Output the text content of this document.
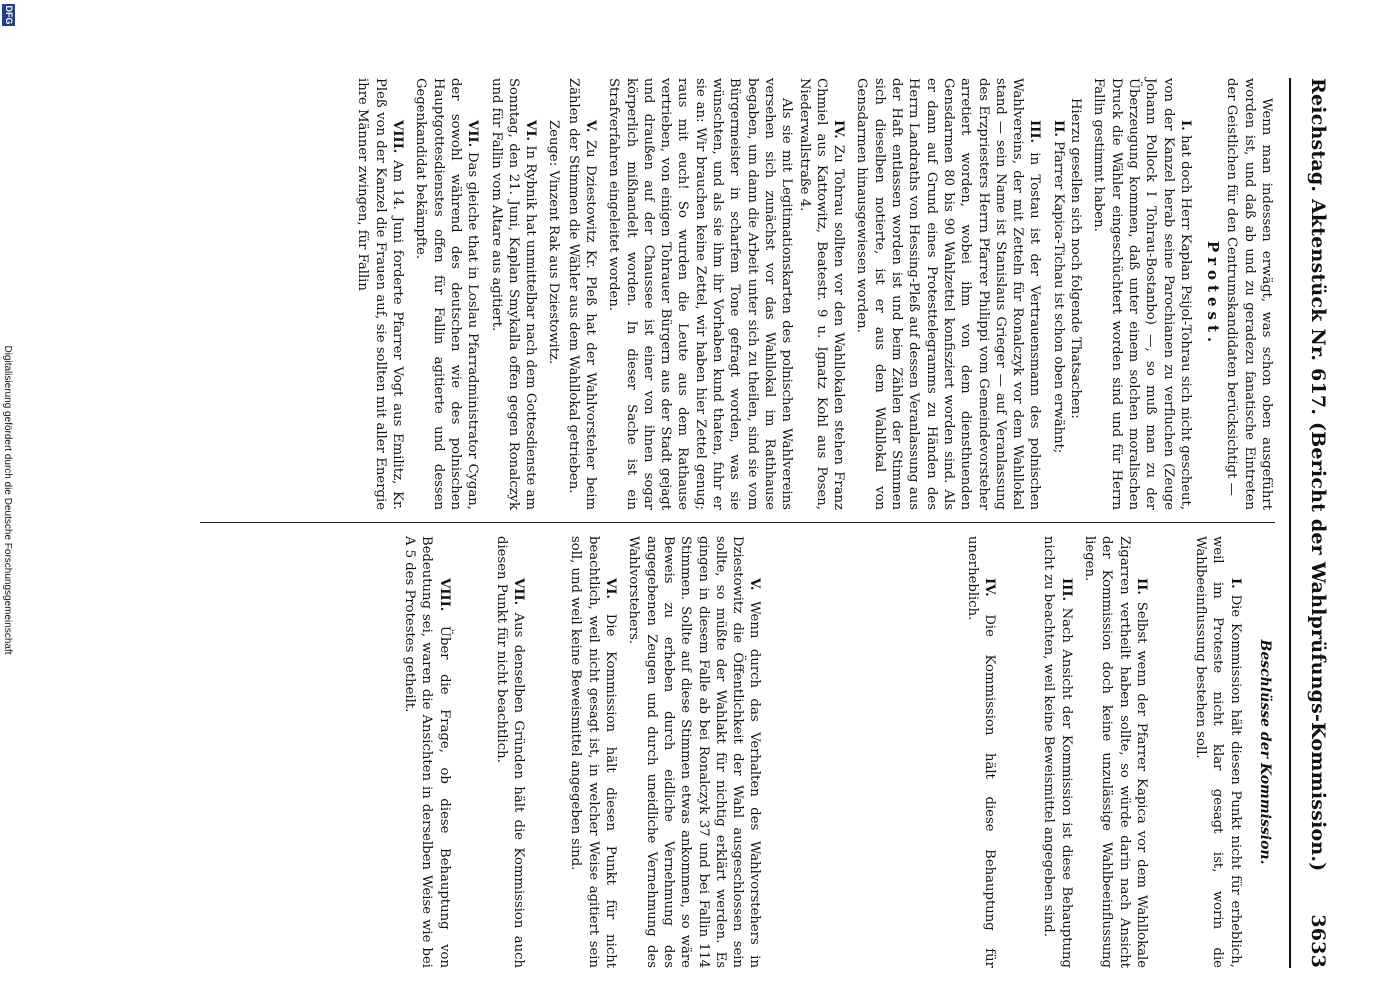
Reichstag. Aktenstück Nr. 617. (Bericht der Wahlprüfungs-Kommission.)
3633

Wenn man indessen erwägt, was schon oben ausgeführt worden ist, und daß ab und zu geradezu fanatische Eintreten der Geistlichen für den Centrumskandidaten berücksichtigt —

Protest.

I. hat doch Herr Kaplan Psijol-Tohrau sich nicht gescheut, von der Kanzel herab seine Parochianen zu verfluchen (Zeuge Johann Pollock I Tohrau-Bostanbo) —, so muß man zu der Überzeugung kommen, daß unter einem solchen moralischen Druck die Wähler eingeschüchtert worden sind und für Herrn Fallin gestimmt haben.

Hierzu gesellen sich noch folgende Thatsachen:

II. Pfarrer Kapica-Tichau ist schon oben erwähnt;

III. in Tostau ist der Vertrauensmann des polnischen Wahlvereins, der mit Zetteln für Ronalczyk vor dem Wahllokal stand — sein Name ist Stanislaus Grieger — auf Veranlassung des Erzpriesters Herrn Pfarrer Philippi vom Gemeindevorsteher arretiert worden, wobei ihm von dem diensthuenden Gensdarmen 80 bis 90 Wahlzettel konfisziert worden sind. Als er dann auf Grund eines Protesttelegramms zu Händen des Herrn Landraths von Hessing-Pleß auf dessen Veranlassung aus der Haft entlassen worden ist und beim Zählen der Stimmen sich dieselben notierte, ist er aus dem Wahllokal von Gensdarmen hinausgewiesen worden.

IV. Zu Tohrau sollten vor den Wahllokalen stehen Franz Chmiel aus Kattowitz, Beatestr. 9 u. Ignatz Kohl aus Posen, Niederwallstraße 4.

Als sie mit Legitimationskarten des polnischen Wahlvereins versehen sich zunächst vor das Wahllokal im Rathhause begaben, um dann die Arbeit unter sich zu theilen, sind sie vom Bürgermeister in scharfem Tone gefragt worden, was sie wünschten, und als sie ihm ihr Vorhaben kund thaten, fuhr er sie an: Wir brauchen keine Zettel, wir haben hier Zettel genug; raus mit euch! So wurden die Leute aus dem Rathause vertrieben, von einigen Tohrauer Bürgern aus der Stadt gejagt und draußen auf der Chaussee ist einer von ihnen sogar körperlich mißhandelt worden. In dieser Sache ist ein Strafverfahren eingeleitet worden.

V. Zu Dziestowitz Kr. Pleß hat der Wahlvorsteher beim Zählen der Stimmen die Wähler aus dem Wahllokal getrieben.

Zeuge: Vinzent Rak aus Dziestowitz.

VI. In Rybnik hat unmittelbar nach dem Gottesdienste am Sonntag, den 21. Juni, Kaplan Smykalla offen gegen Ronalczyk und für Fallin vom Altare aus agitiert.

VII. Das gleiche that in Loslau Pfarradministrator Cygan, der sowohl während des deutschen wie des polnischen Hauptgottesdienstes offen für Fallin agitierte und dessen Gegenkandidat bekämpfte.

VIII. Am 14. Juni forderte Pfarrer Vogt aus Emilitz, Kr. Pleß von der Kanzel die Frauen auf, sie sollten mit aller Energie ihre Männer zwingen, für Fallin

Beschlüsse der Kommission.

I. Die Kommission hält diesen Punkt nicht für erheblich, weil im Proteste nicht klar gesagt ist, worin die Wahlbeeinflussung bestehen soll.

II. Selbst wenn der Pfarrer Kapica vor dem Wahllokale Zigarren vertheilt haben sollte, so würde darin nach Ansicht der Kommission doch keine unzulässige Wahlbeeinflussung liegen.

III. Nach Ansicht der Kommission ist diese Behauptung nicht zu beachten, weil keine Beweismittel angegeben sind.

IV. Die Kommission hält diese Behauptung für unerheblich.

V. Wenn durch das Verhalten des Wahlvorstehers in Dziestowitz die Öffentlichkeit der Wahl ausgeschlossen sein sollte, so müßte der Wahlakt für nichtig erklärt werden. Es gingen in diesem Falle ab bei Ronalczyk 37 und bei Fallin 114 Stimmen. Sollte auf diese Stimmen etwas ankommen, so wäre Beweis zu erheben durch eidliche Vernehmung des angegebenen Zeugen und durch uneidliche Vernehmung des Wahlvorstehers.

VI. Die Kommission hält diesen Punkt für nicht beachtlich, weil nicht gesagt ist, in welcher Weise agitiert sein soll, und weil keine Beweismittel angegeben sind.

VII. Aus denselben Gründen hält die Kommission auch diesen Punkt für nicht beachtlich.

VIII. Über die Frage, ob diese Behauptung von Bedeutung sei, waren die Ansichten in derselben Weise wie bei A 5 des Protestes getheilt.

Digitalisierung gefördert durch die Deutsche Forschungsgemeinschaft
DFG
